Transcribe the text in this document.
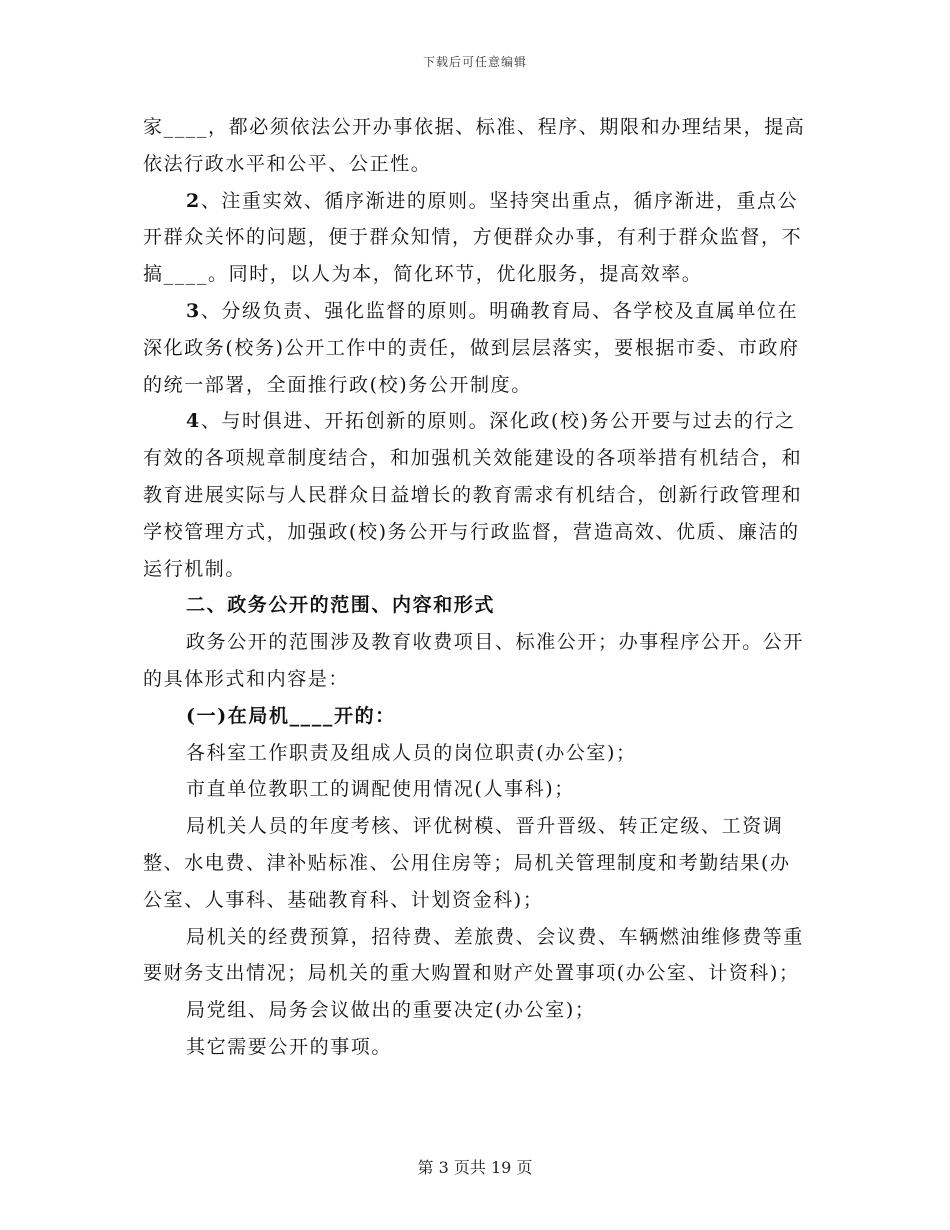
下载后可任意编辑

家____，都必须依法公开办事依据、标准、程序、期限和办理结果，提高依法行政水平和公平、公正性。

2、注重实效、循序渐进的原则。坚持突出重点，循序渐进，重点公开群众关怀的问题，便于群众知情，方便群众办事，有利于群众监督，不搞____。同时，以人为本，简化环节，优化服务，提高效率。

3、分级负责、强化监督的原则。明确教育局、各学校及直属单位在深化政务(校务)公开工作中的责任，做到层层落实，要根据市委、市政府的统一部署，全面推行政(校)务公开制度。

4、与时俱进、开拓创新的原则。深化政(校)务公开要与过去的行之有效的各项规章制度结合，和加强机关效能建设的各项举措有机结合，和教育进展实际与人民群众日益增长的教育需求有机结合，创新行政管理和学校管理方式，加强政(校)务公开与行政监督，营造高效、优质、廉洁的运行机制。

二、政务公开的范围、内容和形式

政务公开的范围涉及教育收费项目、标准公开；办事程序公开。公开的具体形式和内容是：

(一)在局机____开的：

各科室工作职责及组成人员的岗位职责(办公室)；

市直单位教职工的调配使用情况(人事科)；

局机关人员的年度考核、评优树模、晋升晋级、转正定级、工资调整、水电费、津补贴标准、公用住房等；局机关管理制度和考勤结果(办公室、人事科、基础教育科、计划资金科)；

局机关的经费预算，招待费、差旅费、会议费、车辆燃油维修费等重要财务支出情况；局机关的重大购置和财产处置事项(办公室、计资科)；

局党组、局务会议做出的重要决定(办公室)；

其它需要公开的事项。

第 3 页共 19 页
